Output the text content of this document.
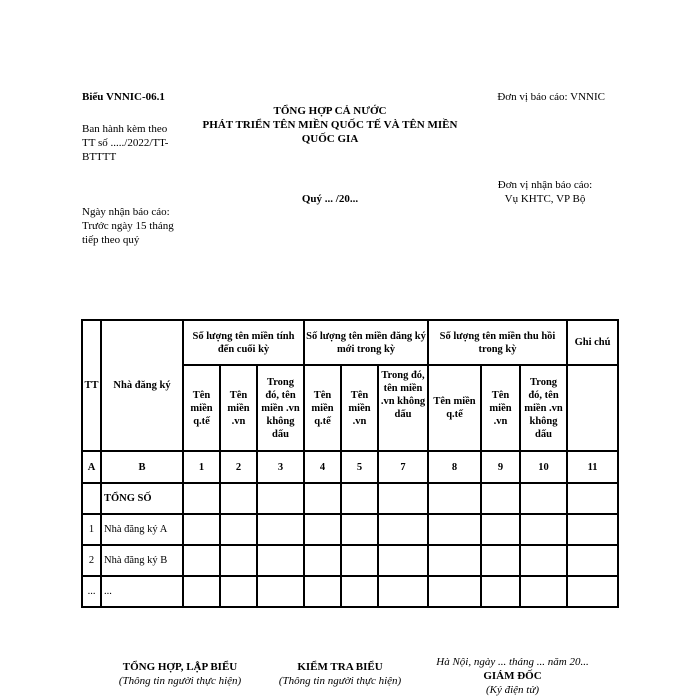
Biểu VNNIC-06.1
Ban hành kèm theo
TT số ...../2022/TT-
BTTTT
Đơn vị báo cáo: VNNIC
TỔNG HỢP CẢ NƯỚC
PHÁT TRIỂN TÊN MIỀN QUỐC TẾ VÀ TÊN MIỀN
QUỐC GIA
Đơn vị nhận báo cáo:
Vụ KHTC, VP Bộ
Quý ... /20...
Ngày nhận báo cáo:
Trước ngày 15 tháng
tiếp theo quý
TT	Nhà đăng ký	Số lượng tên miền tính đến cuối kỳ			Số lượng tên miền đăng ký mới trong kỳ			Số lượng tên miền thu hồi trong kỳ			Ghi chú
		Tên miền q.tế	Tên miền .vn	Trong đó, tên miền .vn không dấu	Tên miền q.tế	Tên miền .vn	Trong đó, tên miền .vn không dấu	Tên miền q.tế	Tên miền .vn	Trong đó, tên miền .vn không dấu	
A	B	1	2	3	4	5	7	8	9	10	11
	TỔNG SỐ										
1	Nhà đăng ký A										
2	Nhà đăng ký B										
...	...										
TỔNG HỢP, LẬP BIỂU
(Thông tin người thực hiện)
KIỂM TRA BIỂU
(Thông tin người thực hiện)
Hà Nội, ngày ... tháng ... năm 20...
GIÁM ĐỐC
(Ký điện tử)
